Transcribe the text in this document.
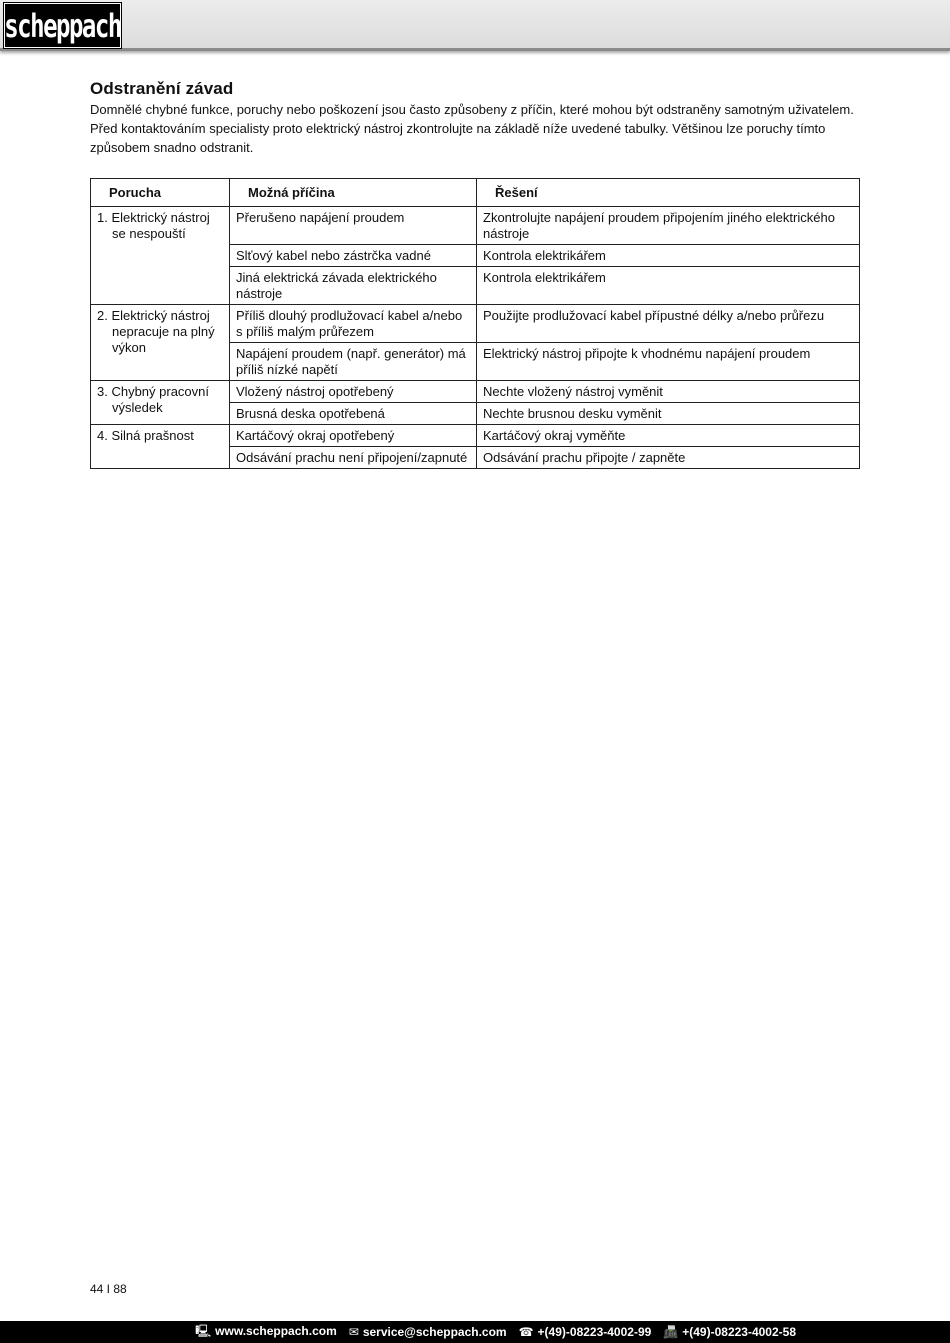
scheppach
Odstranění závad

Domnělé chybné funkce, poruchy nebo poškození jsou často způsobeny z příčin, které mohou být odstraněny samotným uživatelem. Před kontaktováním specialisty proto elektrický nástroj zkontrolujte na základě níže uvedené tabulky. Většinou lze poruchy tímto způsobem snadno odstranit.

Porucha	Možná příčina	Řešení

1. Elektrický nástroj se nespouští	Přerušeno napájení proudem	Zkontrolujte napájení proudem připojením jiného elektrického nástroje
	Slťový kabel nebo zástrčka vadné	Kontrola elektrikářem
	Jiná elektrická závada elektrického nástroje	Kontrola elektrikářem

2. Elektrický nástroj nepracuje na plný výkon	Příliš dlouhý prodlužovací kabel a/nebo s příliš malým průřezem	Použijte prodlužovací kabel přípustné délky a/nebo průřezu
	Napájení proudem (např. generátor) má příliš nízké napětí	Elektrický nástroj připojte k vhodnému napájení proudem

3. Chybný pracovní výsledek	Vložený nástroj opotřebený	Nechte vložený nástroj vyměnit
	Brusná deska opotřebená	Nechte brusnou desku vyměnit

4. Silná prašnost	Kartáčový okraj opotřebený	Kartáčový okraj vyměňte
	Odsávání prachu není připojení/zapnuté	Odsávání prachu připojte / zapněte
44 I 88
🖳 www.scheppach.com ✉ service@scheppach.com ☎ +(49)-08223-4002-99 📠 +(49)-08223-4002-58
